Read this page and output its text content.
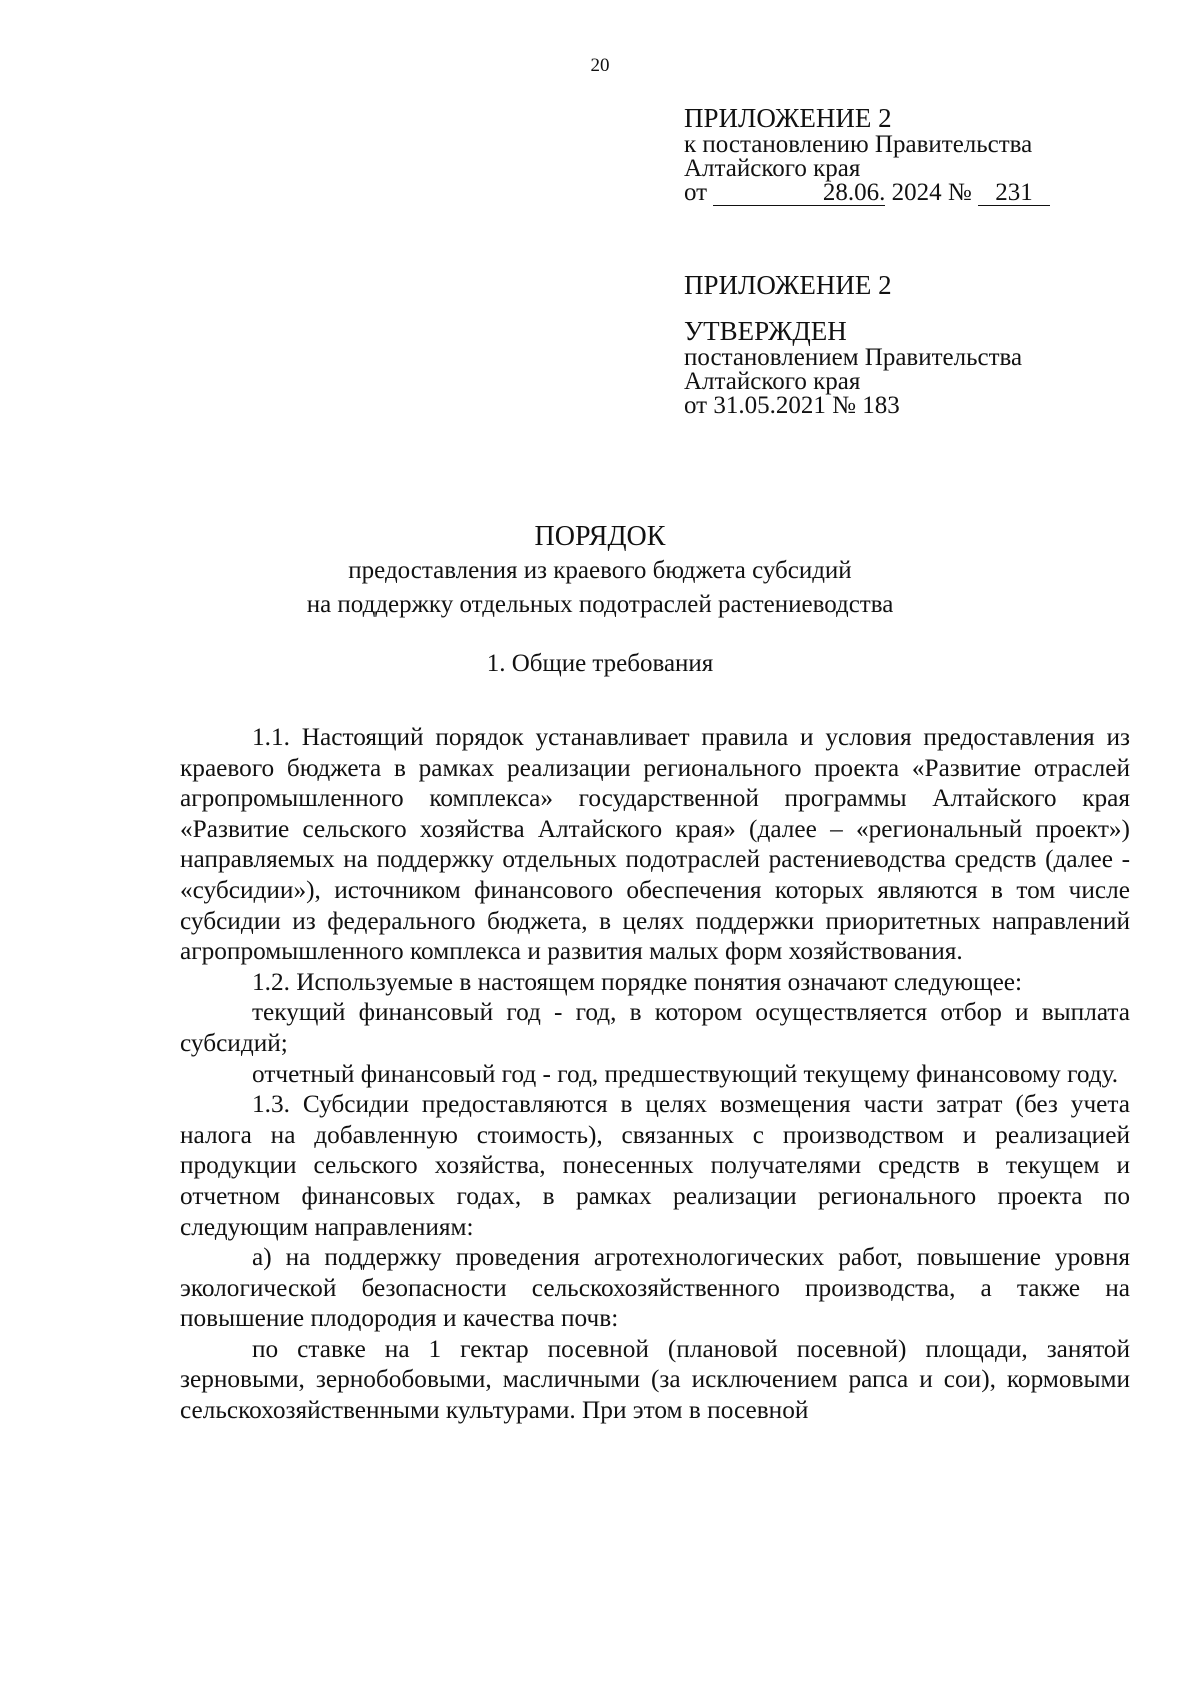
20
ПРИЛОЖЕНИЕ 2
к постановлению Правительства
Алтайского края
от	28.06. 2024 № 231
ПРИЛОЖЕНИЕ 2
УТВЕРЖДЕН
постановлением Правительства
Алтайского края
от 31.05.2021 № 183
ПОРЯДОК
предоставления из краевого бюджета субсидий
на поддержку отдельных подотраслей растениеводства
1. Общие требования

1.1. Настоящий порядок устанавливает правила и условия предоставления из краевого бюджета в рамках реализации регионального проекта «Развитие отраслей агропромышленного комплекса» государственной программы Алтайского края «Развитие сельского хозяйства Алтайского края» (далее – «региональный проект») направляемых на поддержку отдельных подотраслей растениеводства средств (далее - «субсидии»), источником финансового обеспечения которых являются в том числе субсидии из федерального бюджета, в целях поддержки приоритетных направлений агропромышленного комплекса и развития малых форм хозяйствования.

1.2. Используемые в настоящем порядке понятия означают следующее:

текущий финансовый год - год, в котором осуществляется отбор и выплата субсидий;

отчетный финансовый год - год, предшествующий текущему финансовому году.

1.3. Субсидии предоставляются в целях возмещения части затрат (без учета налога на добавленную стоимость), связанных с производством и реализацией продукции сельского хозяйства, понесенных получателями средств в текущем и отчетном финансовых годах, в рамках реализации регионального проекта по следующим направлениям:

а) на поддержку проведения агротехнологических работ, повышение уровня экологической безопасности сельскохозяйственного производства, а также на повышение плодородия и качества почв:

по ставке на 1 гектар посевной (плановой посевной) площади, занятой зерновыми, зернобобовыми, масличными (за исключением рапса и сои), кормовыми сельскохозяйственными культурами. При этом в посевной
